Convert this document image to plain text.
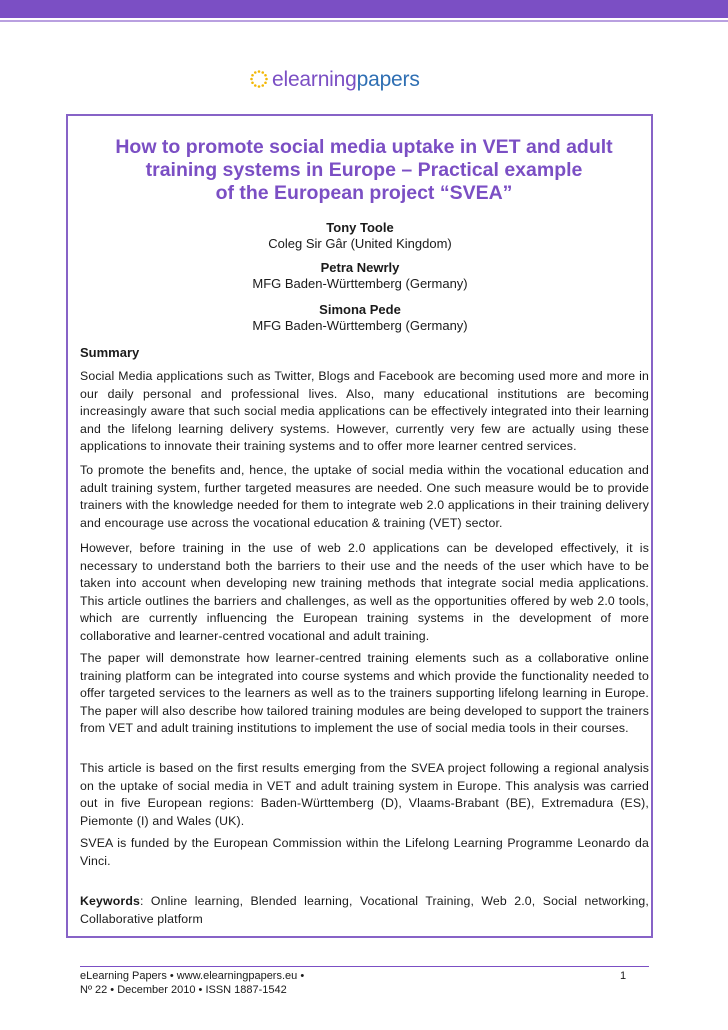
elearningpapers
How to promote social media uptake in VET and adult
training systems in Europe – Practical example
of the European project “SVEA”
Tony Toole
Coleg Sir Gâr (United Kingdom)
Petra Newrly
MFG Baden-Württemberg (Germany)
Simona Pede
MFG Baden-Württemberg (Germany)
Summary
Social Media applications such as Twitter, Blogs and Facebook are becoming used more and more in our daily personal and professional lives. Also, many educational institutions are becoming increasingly aware that such social media applications can be effectively integrated into their learning and the lifelong learning delivery systems. However, currently very few are actually using these applications to innovate their training systems and to offer more learner centred services.
To promote the benefits and, hence, the uptake of social media within the vocational education and adult training system, further targeted measures are needed. One such measure would be to provide trainers with the knowledge needed for them to integrate web 2.0 applications in their training delivery and encourage use across the vocational education & training (VET) sector.
However, before training in the use of web 2.0 applications can be developed effectively, it is necessary to understand both the barriers to their use and the needs of the user which have to be taken into account when developing new training methods that integrate social media applications. This article outlines the barriers and challenges, as well as the opportunities offered by web 2.0 tools, which are currently influencing the European training systems in the development of more collaborative and learner-centred vocational and adult training.
The paper will demonstrate how learner-centred training elements such as a collaborative online training platform can be integrated into course systems and which provide the functionality needed to offer targeted services to the learners as well as to the trainers supporting lifelong learning in Europe. The paper will also describe how tailored training modules are being developed to support the trainers from VET and adult training institutions to implement the use of social media tools in their courses.
This article is based on the first results emerging from the SVEA project following a regional analysis on the uptake of social media in VET and adult training system in Europe. This analysis was carried out in five European regions: Baden-Württemberg (D), Vlaams-Brabant (BE), Extremadura (ES), Piemonte (I) and Wales (UK).
SVEA is funded by the European Commission within the Lifelong Learning Programme Leonardo da Vinci.
Keywords: Online learning, Blended learning, Vocational Training, Web 2.0, Social networking, Collaborative platform
eLearning Papers • www.elearningpapers.eu •
Nº 22 • December 2010 • ISSN 1887-1542
1
